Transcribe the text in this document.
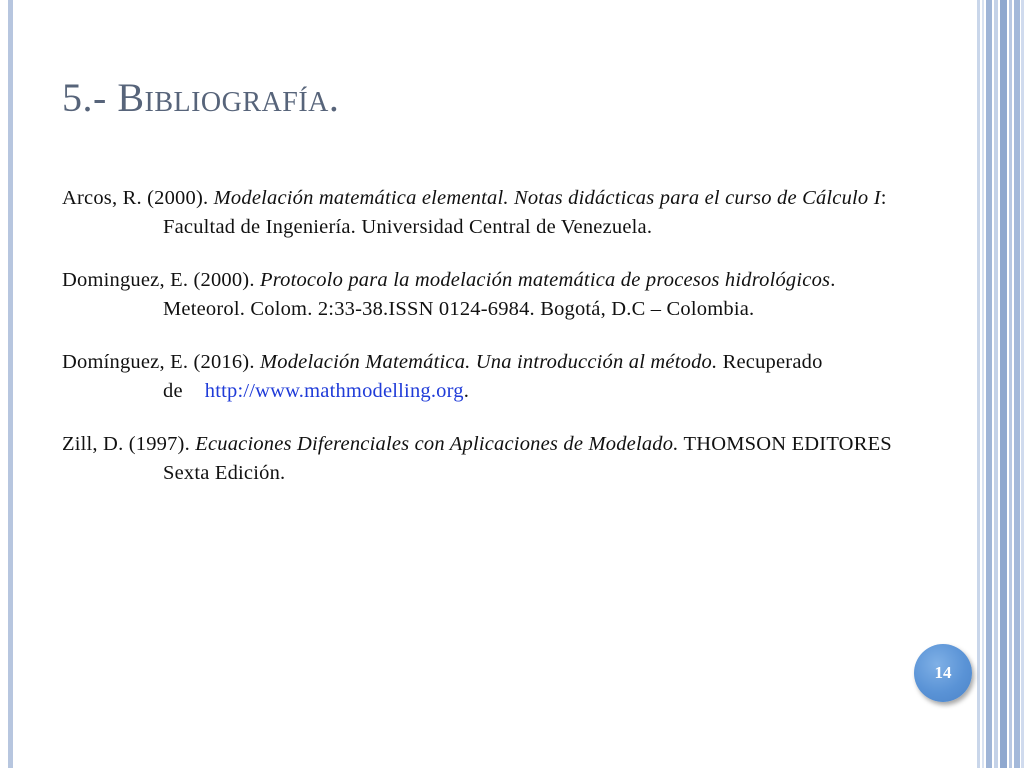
5.- Bibliografía.
Arcos, R. (2000). Modelación matemática elemental. Notas didácticas para el curso de Cálculo I: Facultad de Ingeniería. Universidad Central de Venezuela.
Dominguez, E. (2000). Protocolo para la modelación matemática de procesos hidrológicos. Meteorol. Colom. 2:33-38.ISSN 0124-6984. Bogotá, D.C – Colombia.
Domínguez, E. (2016). Modelación Matemática. Una introducción al método. Recuperado de http://www.mathmodelling.org.
Zill, D. (1997). Ecuaciones Diferenciales con Aplicaciones de Modelado. THOMSON EDITORES Sexta Edición.
14
